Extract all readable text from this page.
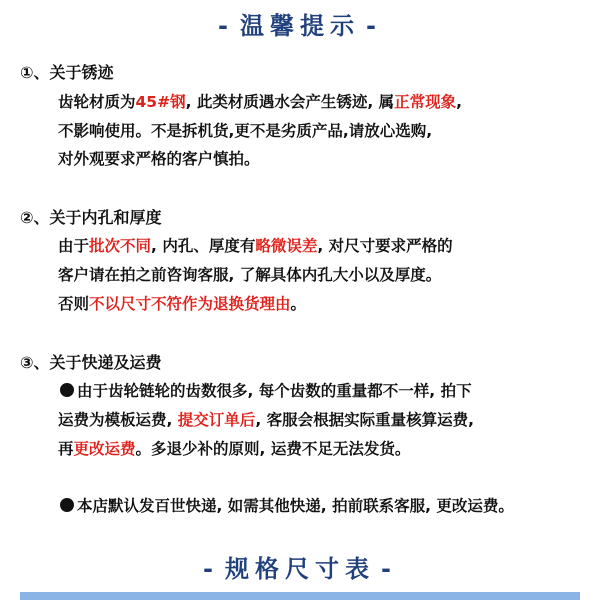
- 温馨提示 -
①、关于锈迹
齿轮材质为45#钢, 此类材质遇水会产生锈迹, 属正常现象,
不影响使用。不是拆机货,更不是劣质产品,请放心选购,
对外观要求严格的客户慎拍。
②、关于内孔和厚度
由于批次不同, 内孔、厚度有略微误差, 对尺寸要求严格的
客户请在拍之前咨询客服, 了解具体内孔大小以及厚度。
否则不以尺寸不符作为退换货理由。
③、关于快递及运费
由于齿轮链轮的齿数很多, 每个齿数的重量都不一样, 拍下
运费为模板运费, 提交订单后, 客服会根据实际重量核算运费,
再更改运费。多退少补的原则, 运费不足无法发货。
本店默认发百世快递, 如需其他快递, 拍前联系客服, 更改运费。
- 规格尺寸表 -
